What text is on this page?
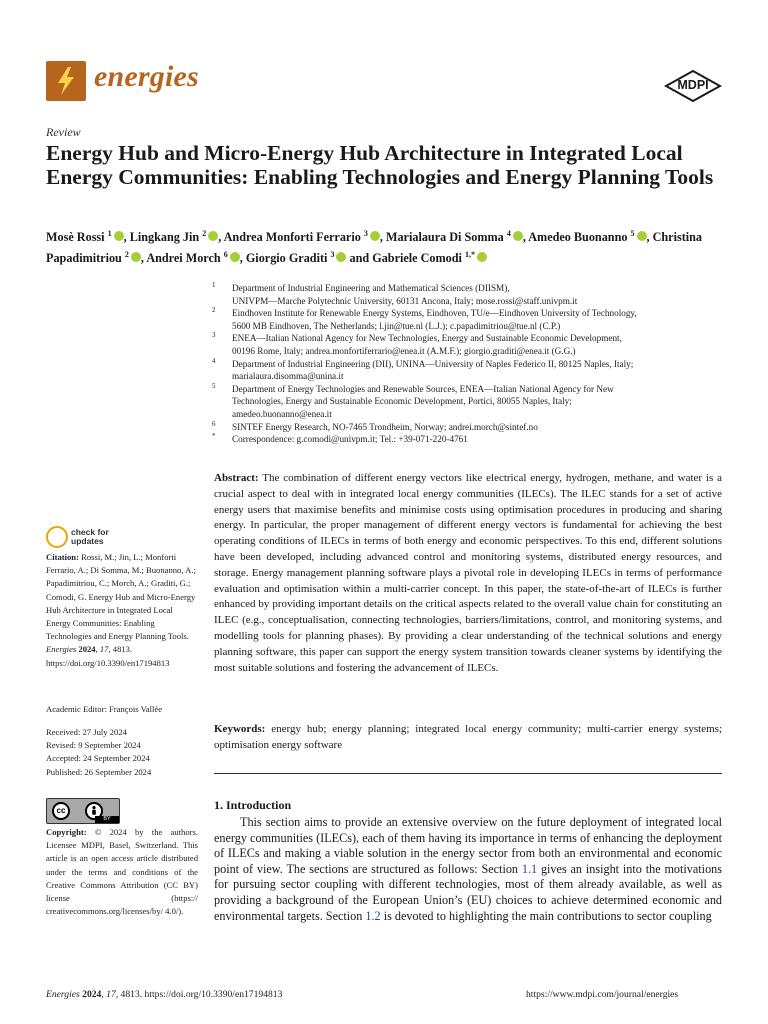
energies	MDPI
Review
Energy Hub and Micro-Energy Hub Architecture in Integrated Local Energy Communities: Enabling Technologies and Energy Planning Tools
Mosè Rossi $^1$ , Lingkang Jin $^2$ , Andrea Monforti Ferrario $^3$ , Marialaura Di Somma $^4$ , Amedeo Buonanno $^5$ , Christina Papadimitriou $^2$ , Andrei Morch $^6$ , Giorgio Graditi $^3$ and Gabriele Comodi $^{1,*}$
1 Department of Industrial Engineering and Mathematical Sciences (DIISM),
UNIVPM—Marche Polytechnic University, 60131 Ancona, Italy; mose.rossi@staff.univpm.it
2 Eindhoven Institute for Renewable Energy Systems, Eindhoven, TU/e—Eindhoven University of Technology,
5600 MB Eindhoven, The Netherlands; l.jin@tue.nl (L.J.); c.papadimitriou@tue.nl (C.P.)
3 ENEA—Italian National Agency for New Technologies, Energy and Sustainable Economic Development,
00196 Rome, Italy; andrea.monfortiferrario@enea.it (A.M.F.); giorgio.graditi@enea.it (G.G.)
4 Department of Industrial Engineering (DII), UNINA—University of Naples Federico II, 80125 Naples, Italy;
marialaura.disomma@unina.it
5 Department of Energy Technologies and Renewable Sources, ENEA—Italian National Agency for New
Technologies, Energy and Sustainable Economic Development, Portici, 80055 Naples, Italy;
amedeo.buonanno@enea.it
6 SINTEF Energy Research, NO-7465 Trondheim, Norway; andrei.morch@sintef.no
* Correspondence: g.comodi@univpm.it; Tel.: +39-071-220-4761
check for
updates
Citation: Rossi, M.; Jin, L.; Monforti Ferrario, A.; Di Somma, M.; Buonanno, A.; Papadimitriou, C.; Morch, A.; Graditi, G.; Comodi, G. Energy Hub and Micro-Energy Hub Architecture in Integrated Local Energy Communities: Enabling Technologies and Energy Planning Tools. Energies 2024, 17, 4813. https://doi.org/10.3390/en17194813
Academic Editor: François Vallée
Received: 27 July 2024
Revised: 9 September 2024
Accepted: 24 September 2024
Published: 26 September 2024
cc
BY
Copyright: © 2024 by the authors. Licensee MDPI, Basel, Switzerland. This article is an open access article distributed under the terms and conditions of the Creative Commons Attribution (CC BY) license (https:// creativecommons.org/licenses/by/ 4.0/).
Abstract: The combination of different energy vectors like electrical energy, hydrogen, methane, and water is a crucial aspect to deal with in integrated local energy communities (ILECs). The ILEC stands for a set of active energy users that maximise benefits and minimise costs using optimisation procedures in producing and sharing energy. In particular, the proper management of different energy vectors is fundamental for achieving the best operating conditions of ILECs in terms of both energy and economic perspectives. To this end, different solutions have been developed, including advanced control and monitoring systems, distributed energy resources, and storage. Energy management planning software plays a pivotal role in developing ILECs in terms of performance evaluation and optimisation within a multi-carrier concept. In this paper, the state-of-the-art of ILECs is further enhanced by providing important details on the critical aspects related to the overall value chain for constituting an ILEC (e.g., conceptualisation, connecting technologies, barriers/limitations, control, and monitoring systems, and modelling tools for planning phases). By providing a clear understanding of the technical solutions and energy planning software, this paper can support the energy system transition towards cleaner systems by identifying the most suitable solutions and fostering the advancement of ILECs.
Keywords: energy hub; energy planning; integrated local energy community; multi-carrier energy systems; optimisation energy software
1. Introduction
This section aims to provide an extensive overview on the future deployment of integrated local energy communities (ILECs), each of them having its importance in terms of enhancing the deployment of ILECs and making a viable solution in the energy sector from both an environmental and economic point of view. The sections are structured as follows: Section 1.1 gives an insight into the motivations for pursuing sector coupling with different technologies, most of them already available, as well as providing a background of the European Union’s (EU) choices to achieve determined economic and environmental targets. Section 1.2 is devoted to highlighting the main contributions to sector coupling
Energies 2024, 17, 4813. https://doi.org/10.3390/en17194813	https://www.mdpi.com/journal/energies
